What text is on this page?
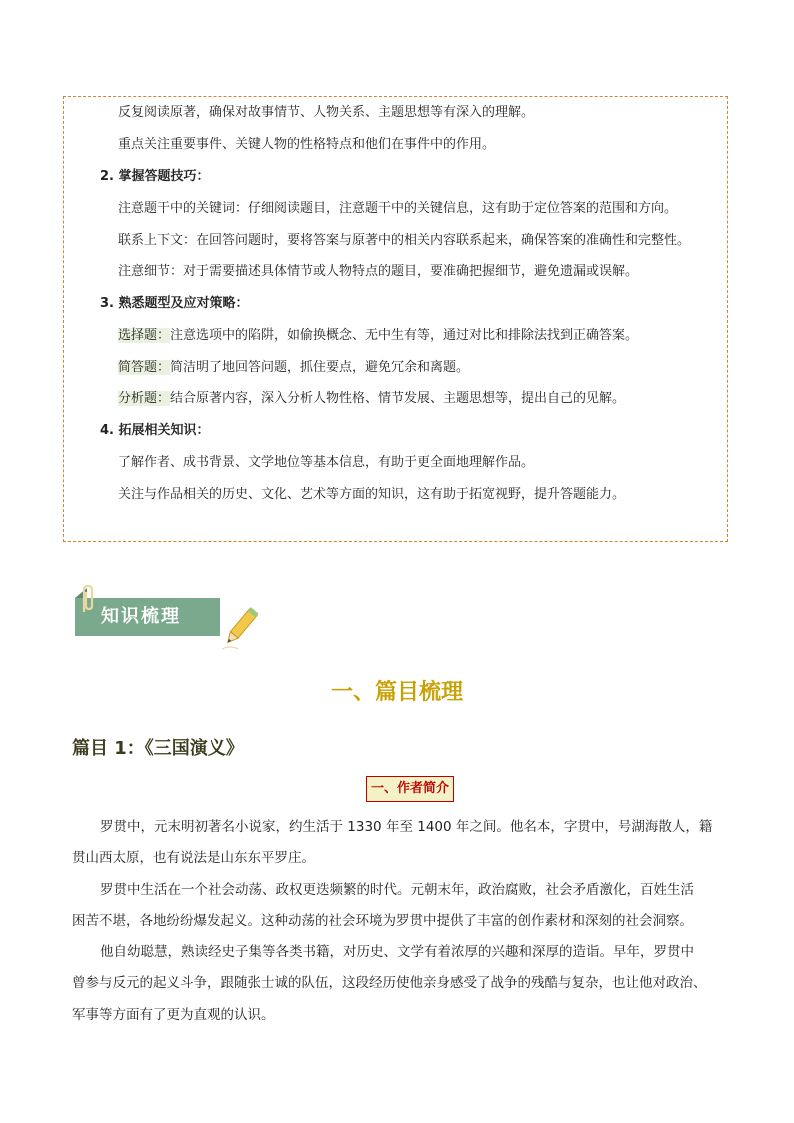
反复阅读原著，确保对故事情节、人物关系、主题思想等有深入的理解。
重点关注重要事件、关键人物的性格特点和他们在事件中的作用。
2. 掌握答题技巧：
注意题干中的关键词：仔细阅读题目，注意题干中的关键信息，这有助于定位答案的范围和方向。
联系上下文：在回答问题时，要将答案与原著中的相关内容联系起来，确保答案的准确性和完整性。
注意细节：对于需要描述具体情节或人物特点的题目，要准确把握细节，避免遗漏或误解。
3. 熟悉题型及应对策略：
选择题：注意选项中的陷阱，如偷换概念、无中生有等，通过对比和排除法找到正确答案。
简答题：简洁明了地回答问题，抓住要点，避免冗余和离题。
分析题：结合原著内容，深入分析人物性格、情节发展、主题思想等，提出自己的见解。
4. 拓展相关知识：
了解作者、成书背景、文学地位等基本信息，有助于更全面地理解作品。
关注与作品相关的历史、文化、艺术等方面的知识，这有助于拓宽视野，提升答题能力。
知识梳理
一、篇目梳理
篇目 1：《三国演义》
一、作者简介
罗贯中，元末明初著名小说家，约生活于 1330 年至 1400 年之间。他名本，字贯中，号湖海散人，籍
贯山西太原，也有说法是山东东平罗庄。
罗贯中生活在一个社会动荡、政权更迭频繁的时代。元朝末年，政治腐败，社会矛盾激化，百姓生活
困苦不堪，各地纷纷爆发起义。这种动荡的社会环境为罗贯中提供了丰富的创作素材和深刻的社会洞察。
他自幼聪慧，熟读经史子集等各类书籍，对历史、文学有着浓厚的兴趣和深厚的造诣。早年，罗贯中
曾参与反元的起义斗争，跟随张士诚的队伍，这段经历使他亲身感受了战争的残酷与复杂，也让他对政治、
军事等方面有了更为直观的认识。
